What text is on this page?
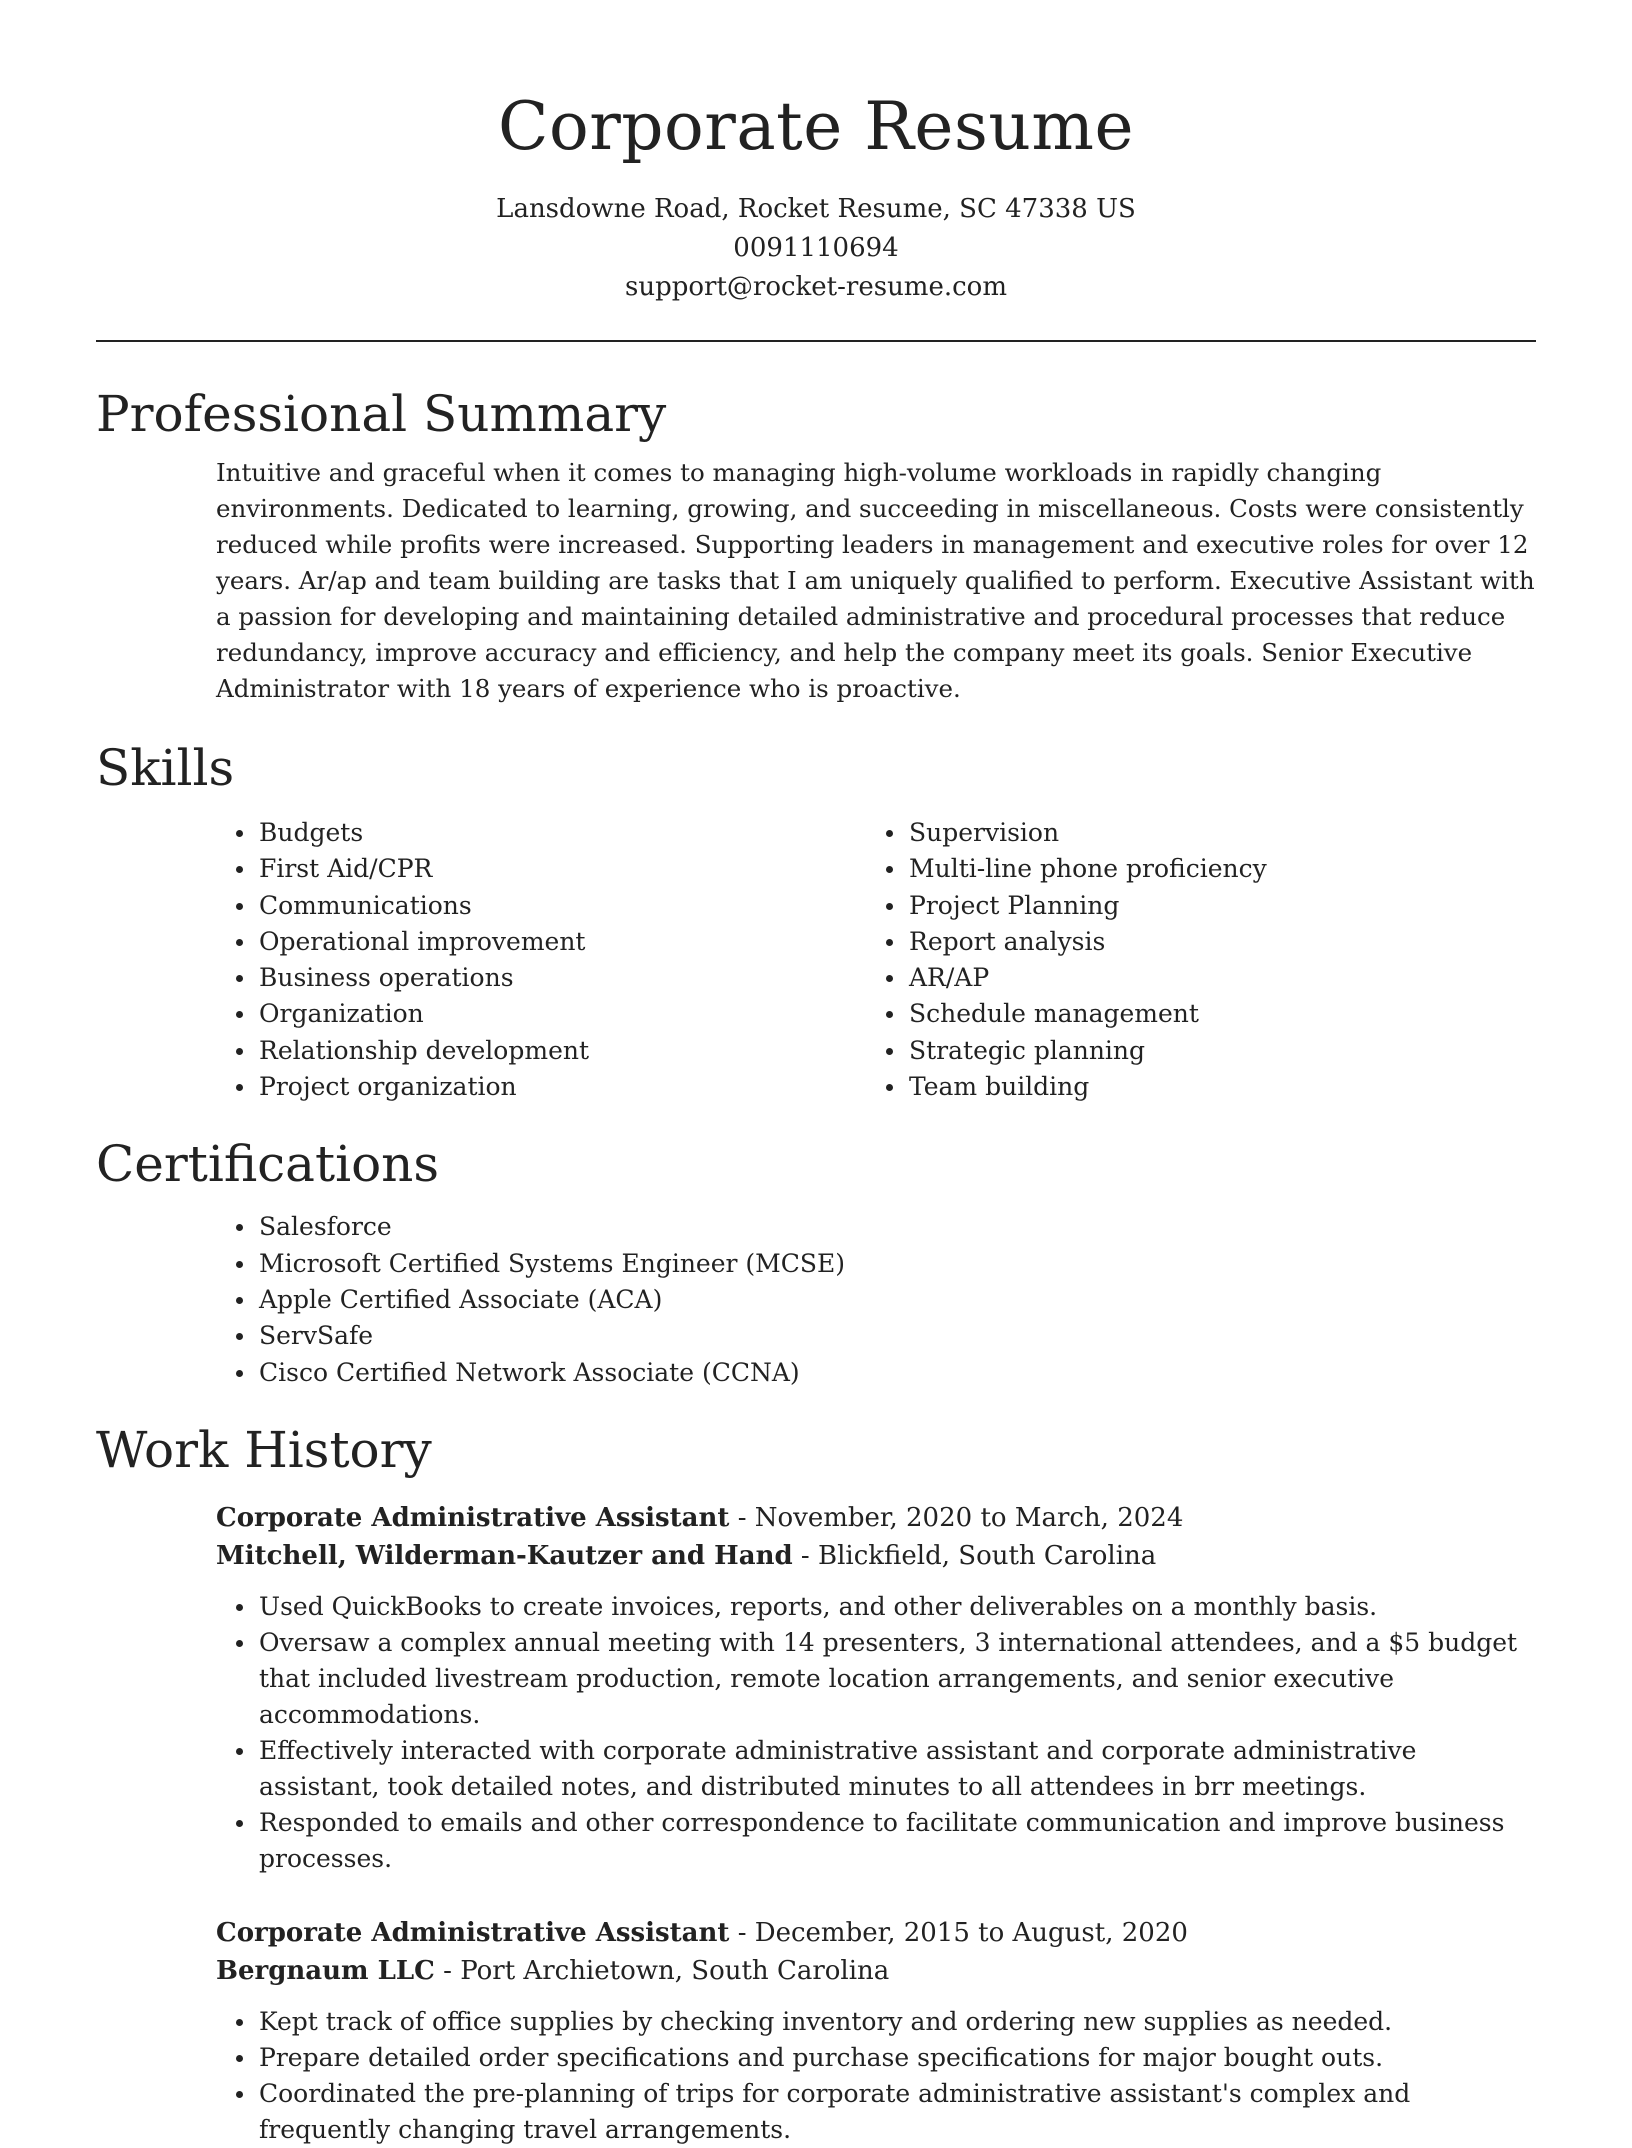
Corporate Resume
Lansdowne Road, Rocket Resume, SC 47338 US
0091110694
support@rocket-resume.com
Professional Summary

Intuitive and graceful when it comes to managing high-volume workloads in rapidly changing environments. Dedicated to learning, growing, and succeeding in miscellaneous. Costs were consistently reduced while profits were increased. Supporting leaders in management and executive roles for over 12 years. Ar/ap and team building are tasks that I am uniquely qualified to perform. Executive Assistant with a passion for developing and maintaining detailed administrative and procedural processes that reduce redundancy, improve accuracy and efficiency, and help the company meet its goals. Senior Executive Administrator with 18 years of experience who is proactive.

Skills
Budgets
First Aid/CPR
Communications
Operational improvement
Business operations
Organization
Relationship development
Project organization
Supervision
Multi-line phone proficiency
Project Planning
Report analysis
AR/AP
Schedule management
Strategic planning
Team building
Certifications
Salesforce
Microsoft Certified Systems Engineer (MCSE)
Apple Certified Associate (ACA)
ServSafe
Cisco Certified Network Associate (CCNA)
Work History
Corporate Administrative Assistant - November, 2020 to March, 2024
Mitchell, Wilderman-Kautzer and Hand - Blickfield, South Carolina
Used QuickBooks to create invoices, reports, and other deliverables on a monthly basis.
Oversaw a complex annual meeting with 14 presenters, 3 international attendees, and a $5 budget that included livestream production, remote location arrangements, and senior executive accommodations.
Effectively interacted with corporate administrative assistant and corporate administrative assistant, took detailed notes, and distributed minutes to all attendees in brr meetings.
Responded to emails and other correspondence to facilitate communication and improve business processes.
Corporate Administrative Assistant - December, 2015 to August, 2020
Bergnaum LLC - Port Archietown, South Carolina
Kept track of office supplies by checking inventory and ordering new supplies as needed.
Prepare detailed order specifications and purchase specifications for major bought outs.
Coordinated the pre-planning of trips for corporate administrative assistant's complex and frequently changing travel arrangements.
